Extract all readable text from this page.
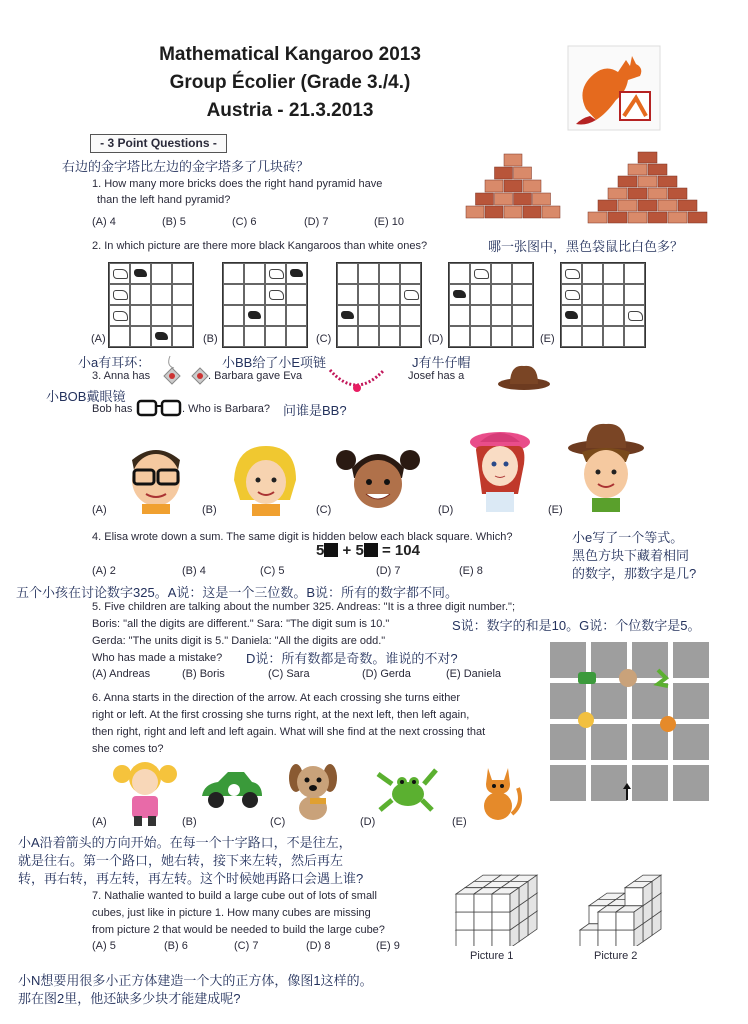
Mathematical Kangaroo 2013
Group Écolier (Grade 3./4.)
Austria - 21.3.2013
- 3 Point Questions -
右边的金字塔比左边的金字塔多了几块砖？
1. How many more bricks does the right hand pyramid have
than the left hand pyramid?
(A) 4	(B) 5	(C) 6	(D) 7	(E) 10
2. In which picture are there more black Kangaroos than white ones?	哪一张图中，黑色袋鼠比白色多？
(A)	(B)	(C)	(D)	(E)
小a有耳环：	小BB给了小E项链	J有牛仔帽
3. Anna has	. Barbara gave Eva	Josef has a
小BOB戴眼镜
Bob has	. Who is Barbara? 问谁是BB?
(A)	(B)	(C)	(D)	(E)
4. Elisa wrote down a sum. The same digit is hidden below each black square. Which?	小e写了一个等式。
黑色方块下藏着相同
的数字，那数字是几?
5 + 5 = 104
(A) 2	(B) 4	(C) 5	(D) 7	(E) 8
五个小孩在讨论数字325。A说：这是一个三位数。B说：所有的数字都不同。
5. Five children are talking about the number 325. Andreas: "It is a three digit number.";
Boris: "all the digits are different." Sara: "The digit sum is 10."	S说：数字的和是10。G说：个位数字是5。
Gerda: "The units digit is 5." Daniela: "All the digits are odd."
Who has made a mistake? D说：所有数都是奇数。谁说的不对?
(A) Andreas	(B) Boris	(C) Sara	(D) Gerda	(E) Daniela
6. Anna starts in the direction of the arrow. At each crossing she turns either
right or left. At the first crossing she turns right, at the next left, then left again,
then right, right and left and left again. What will she find at the next crossing that
she comes to?
(A)	(B)	(C)	(D)	(E)
小A沿着箭头的方向开始。在每一个十字路口，不是往左，
就是往右。第一个路口，她右转，接下来左转，然后再左
转，再右转，再左转，再左转。这个时候她再路口会遇上谁?
7. Nathalie wanted to build a large cube out of lots of small
cubes, just like in picture 1. How many cubes are missing
from picture 2 that would be needed to build the large cube?
(A) 5	(B) 6	(C) 7	(D) 8	(E) 9
Picture 1	Picture 2
小N想要用很多小正方体建造一个大的正方体，像图1这样的。
那在图2里，他还缺多少块才能建成呢?
